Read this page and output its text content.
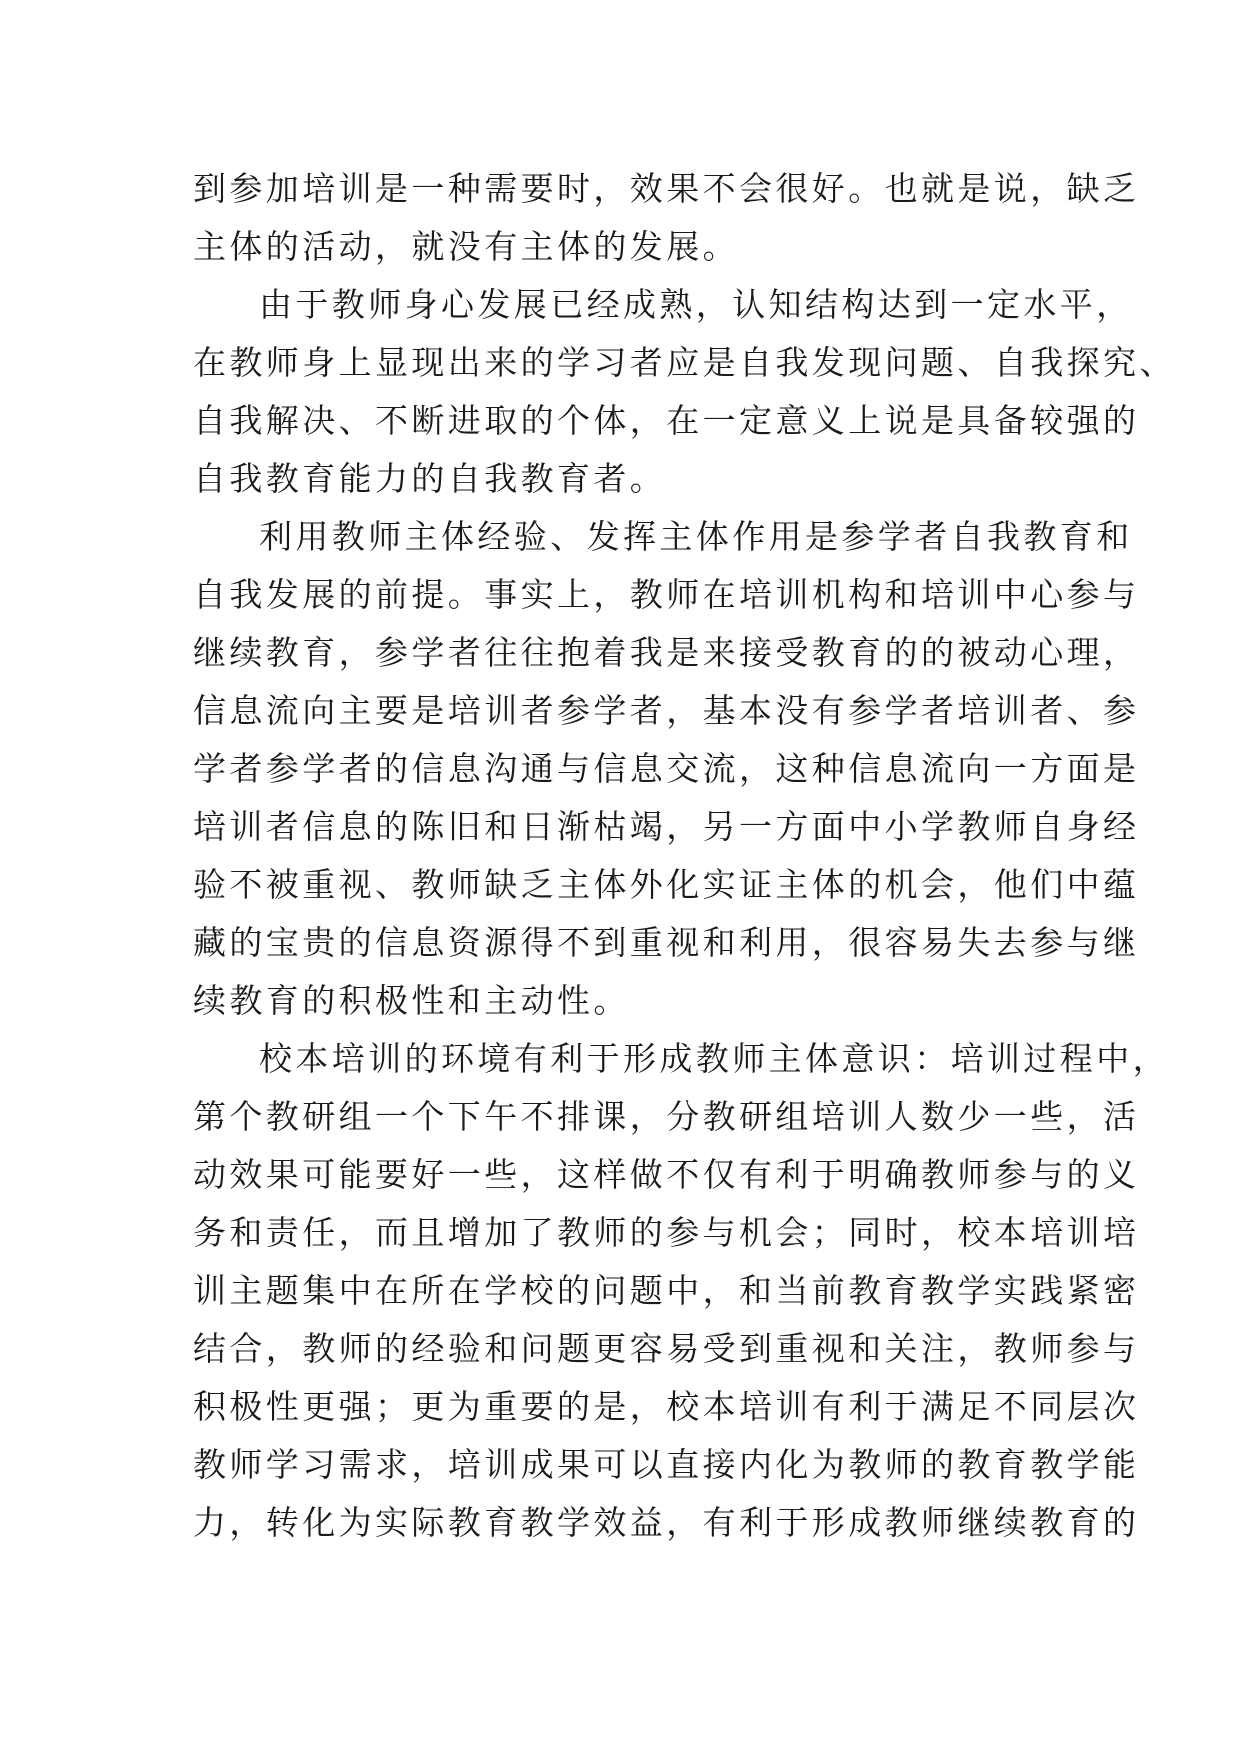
到参加培训是一种需要时，效果不会很好。也就是说，缺乏
主体的活动，就没有主体的发展。
由于教师身心发展已经成熟，认知结构达到一定水平，
在教师身上显现出来的学习者应是自我发现问题、自我探究、
自我解决、不断进取的个体，在一定意义上说是具备较强的
自我教育能力的自我教育者。
利用教师主体经验、发挥主体作用是参学者自我教育和
自我发展的前提。事实上，教师在培训机构和培训中心参与
继续教育，参学者往往抱着我是来接受教育的的被动心理，
信息流向主要是培训者参学者，基本没有参学者培训者、参
学者参学者的信息沟通与信息交流，这种信息流向一方面是
培训者信息的陈旧和日渐枯竭，另一方面中小学教师自身经
验不被重视、教师缺乏主体外化实证主体的机会，他们中蕴
藏的宝贵的信息资源得不到重视和利用，很容易失去参与继
续教育的积极性和主动性。
校本培训的环境有利于形成教师主体意识：培训过程中，
第个教研组一个下午不排课，分教研组培训人数少一些，活
动效果可能要好一些，这样做不仅有利于明确教师参与的义
务和责任，而且增加了教师的参与机会；同时，校本培训培
训主题集中在所在学校的问题中，和当前教育教学实践紧密
结合，教师的经验和问题更容易受到重视和关注，教师参与
积极性更强；更为重要的是，校本培训有利于满足不同层次
教师学习需求，培训成果可以直接内化为教师的教育教学能
力，转化为实际教育教学效益，有利于形成教师继续教育的
